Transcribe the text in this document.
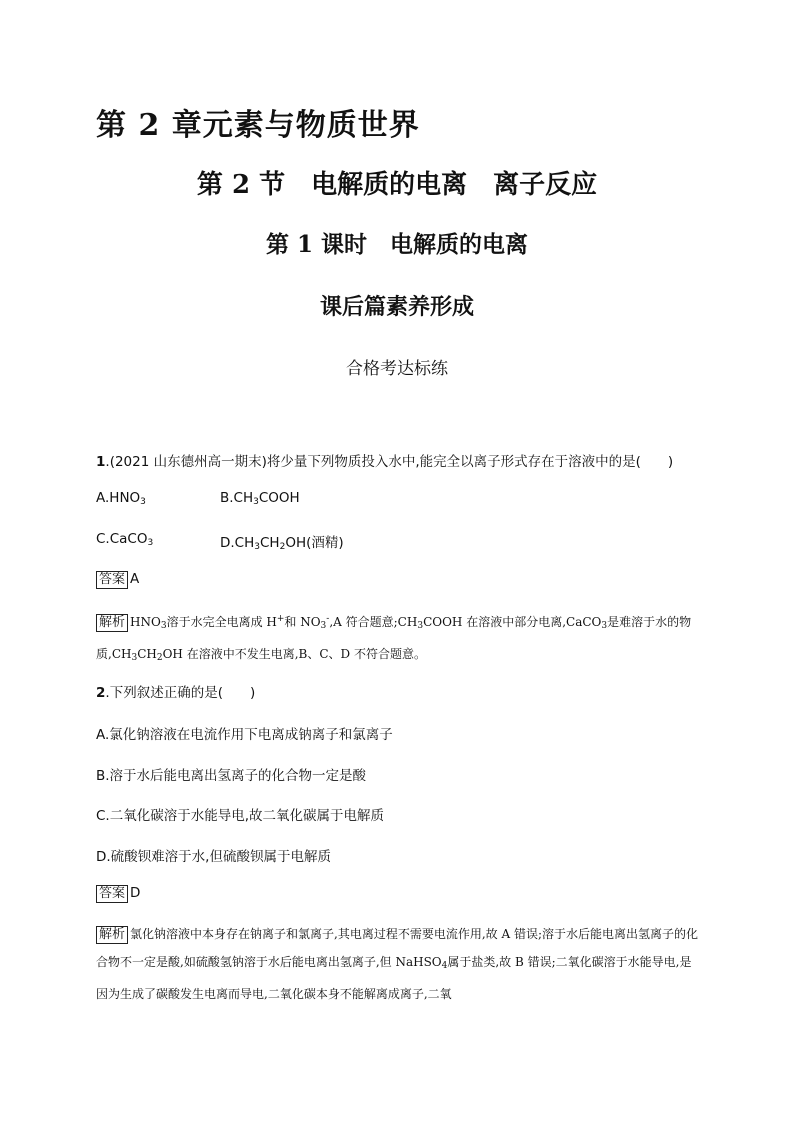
第 2 章元素与物质世界
第 2 节　电解质的电离　离子反应
第 1 课时　电解质的电离
课后篇素养形成
合格考达标练
1.(2021 山东德州高一期末)将少量下列物质投入水中,能完全以离子形式存在于溶液中的是(　　)
$A.HNO_3$	$B.CH_3COOH$
C.CaCO$_3$	$D.CH_3CH_2OH$(酒精)
答案 A
解析 $HNO_3$溶于水完全电离成 H+和 $NO_3^-,A$ 符合题意$;CH_3COOH$ 在溶液中部分电离,CaCO$_3$是难溶于水的物质$,CH_3CH_2OH$ 在溶液中不发生电离,B、C、D 不符合题意。
2.下列叙述正确的是(　　)
A.氯化钠溶液在电流作用下电离成钠离子和氯离子
B.溶于水后能电离出氢离子的化合物一定是酸
C.二氧化碳溶于水能导电,故二氧化碳属于电解质
D.硫酸钡难溶于水,但硫酸钡属于电解质
答案 D
解析 氯化钠溶液中本身存在钠离子和氯离子,其电离过程不需要电流作用,故 A 错误;溶于水后能电离出氢离子的化合物不一定是酸,如硫酸氢钠溶于水后能电离出氢离子,但 NaHSO$_4$属于盐类,故 B 错误;二氧化碳溶于水能导电,是因为生成了碳酸发生电离而导电,二氧化碳本身不能解离成离子,二氧
